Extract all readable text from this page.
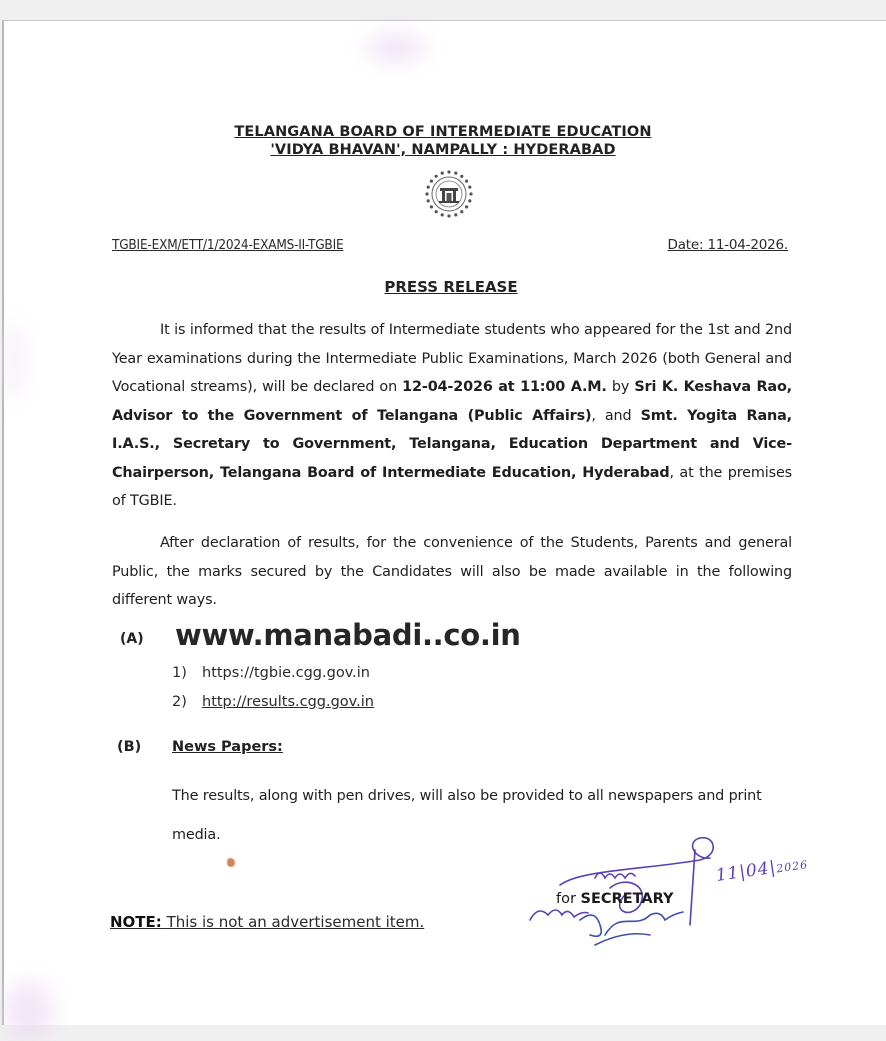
TELANGANA BOARD OF INTERMEDIATE EDUCATION
'VIDYA BHAVAN', NAMPALLY : HYDERABAD
TGBIE-EXM/ETT/1/2024-EXAMS-II-TGBIE	Date: 11-04-2026.
PRESS RELEASE
It is informed that the results of Intermediate students who appeared for the 1st and 2nd Year examinations during the Intermediate Public Examinations, March 2026 (both General and Vocational streams), will be declared on 12-04-2026 at 11:00 A.M. by Sri K. Keshava Rao, Advisor to the Government of Telangana (Public Affairs), and Smt. Yogita Rana, I.A.S., Secretary to Government, Telangana, Education Department and Vice-Chairperson, Telangana Board of Intermediate Education, Hyderabad, at the premises of TGBIE.
After declaration of results, for the convenience of the Students, Parents and general Public, the marks secured by the Candidates will also be made available in the following different ways.
(A) www.manabadi..co.in
1) https://tgbie.cgg.gov.in
2) http://results.cgg.gov.in
(B) News Papers:
The results, along with pen drives, will also be provided to all newspapers and print media.
for SECRETARY
11|04|2026
NOTE: This is not an advertisement item.
